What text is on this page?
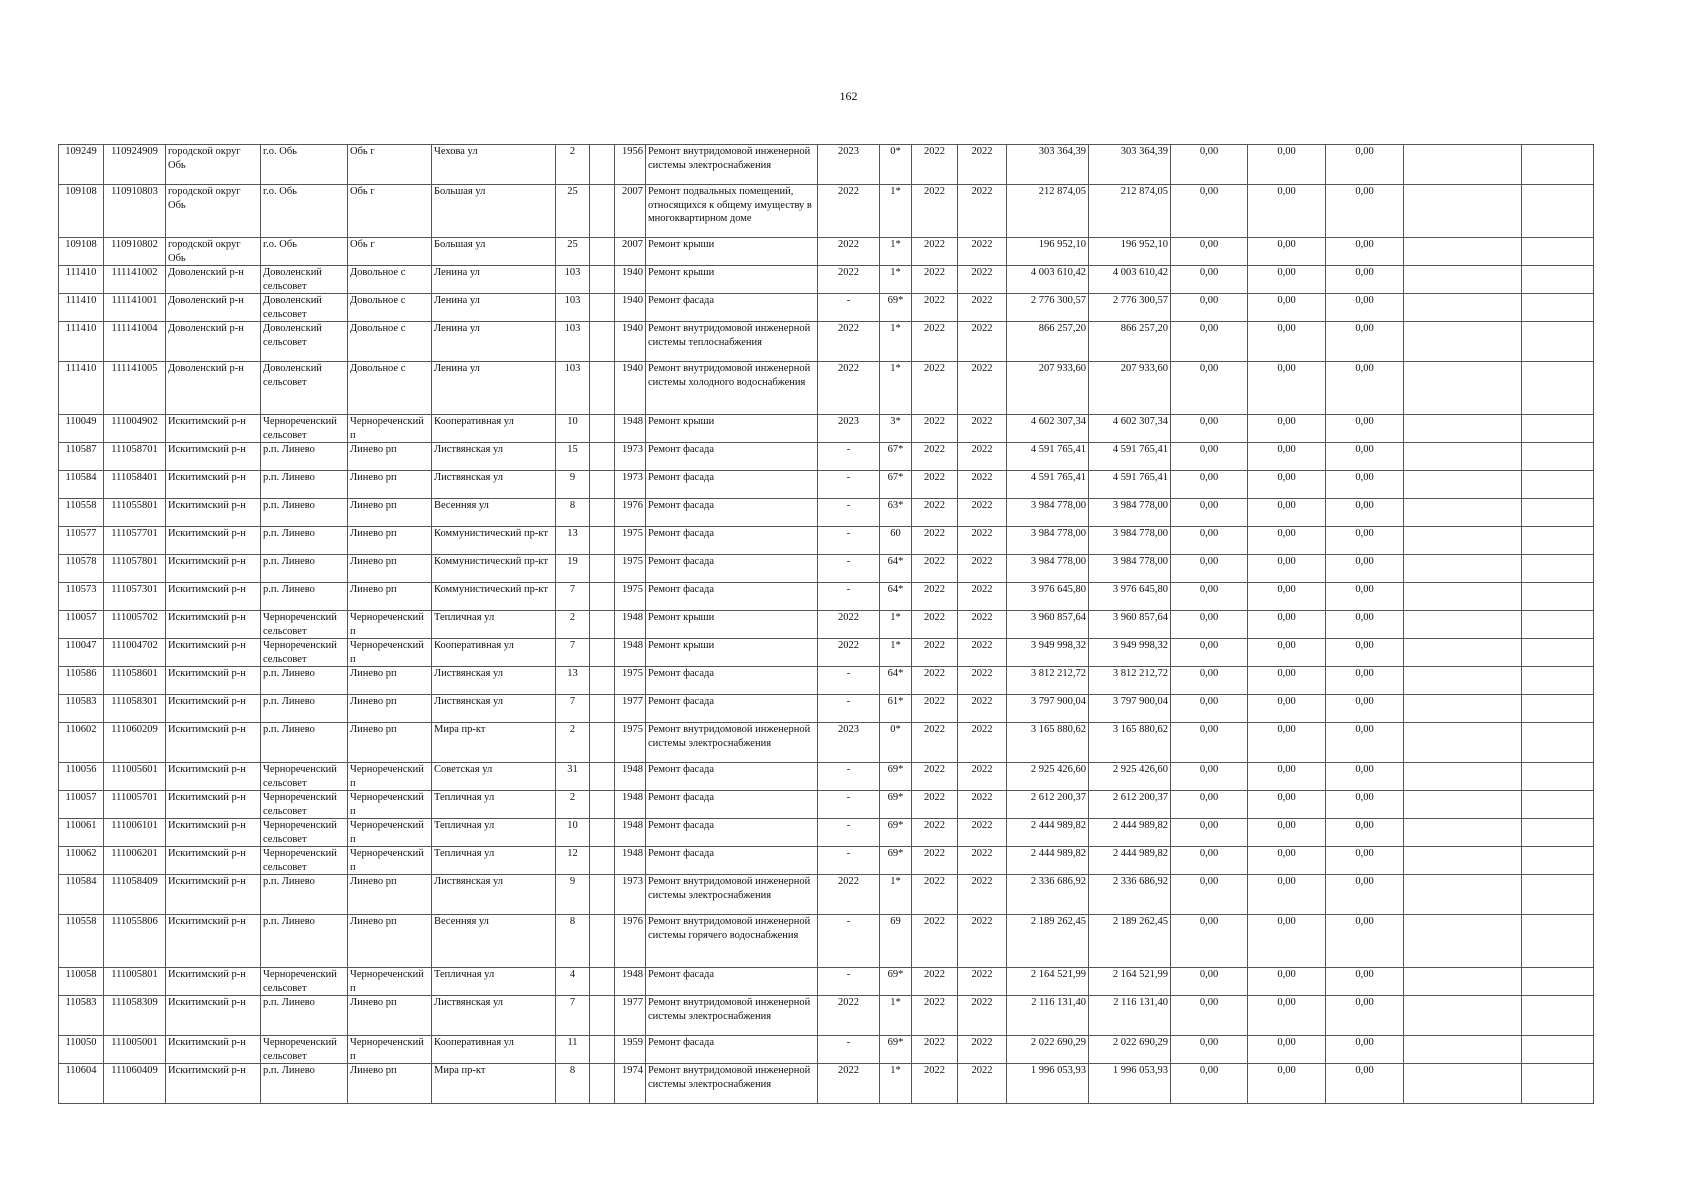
162
109249	110924909	городской округ Обь	г.о. Обь	Обь г	Чехова ул	2		1956	Ремонт внутридомовой инженерной системы электроснабжения	2023	0*	2022	2022	303 364,39	303 364,39	0,00	0,00	0,00		
109108	110910803	городской округ Обь	г.о. Обь	Обь г	Большая ул	25		2007	Ремонт подвальных помещений, относящихся к общему имуществу в многоквартирном доме	2022	1*	2022	2022	212 874,05	212 874,05	0,00	0,00	0,00		
109108	110910802	городской округ Обь	г.о. Обь	Обь г	Большая ул	25		2007	Ремонт крыши	2022	1*	2022	2022	196 952,10	196 952,10	0,00	0,00	0,00		
111410	111141002	Доволенский р-н	Доволенский сельсовет	Довольное с	Ленина ул	103		1940	Ремонт крыши	2022	1*	2022	2022	4 003 610,42	4 003 610,42	0,00	0,00	0,00		
111410	111141001	Доволенский р-н	Доволенский сельсовет	Довольное с	Ленина ул	103		1940	Ремонт фасада	-	69*	2022	2022	2 776 300,57	2 776 300,57	0,00	0,00	0,00		
111410	111141004	Доволенский р-н	Доволенский сельсовет	Довольное с	Ленина ул	103		1940	Ремонт внутридомовой инженерной системы теплоснабжения	2022	1*	2022	2022	866 257,20	866 257,20	0,00	0,00	0,00		
111410	111141005	Доволенский р-н	Доволенский сельсовет	Довольное с	Ленина ул	103		1940	Ремонт внутридомовой инженерной системы холодного водоснабжения	2022	1*	2022	2022	207 933,60	207 933,60	0,00	0,00	0,00		
110049	111004902	Искитимский р-н	Чернореченский сельсовет	Чернореченский п	Кооперативная ул	10		1948	Ремонт крыши	2023	3*	2022	2022	4 602 307,34	4 602 307,34	0,00	0,00	0,00		
110587	111058701	Искитимский р-н	р.п. Линево	Линево рп	Листвянская ул	15		1973	Ремонт фасада	-	67*	2022	2022	4 591 765,41	4 591 765,41	0,00	0,00	0,00		
110584	111058401	Искитимский р-н	р.п. Линево	Линево рп	Листвянская ул	9		1973	Ремонт фасада	-	67*	2022	2022	4 591 765,41	4 591 765,41	0,00	0,00	0,00		
110558	111055801	Искитимский р-н	р.п. Линево	Линево рп	Весенняя ул	8		1976	Ремонт фасада	-	63*	2022	2022	3 984 778,00	3 984 778,00	0,00	0,00	0,00		
110577	111057701	Искитимский р-н	р.п. Линево	Линево рп	Коммунистический пр-кт	13		1975	Ремонт фасада	-	60	2022	2022	3 984 778,00	3 984 778,00	0,00	0,00	0,00		
110578	111057801	Искитимский р-н	р.п. Линево	Линево рп	Коммунистический пр-кт	19		1975	Ремонт фасада	-	64*	2022	2022	3 984 778,00	3 984 778,00	0,00	0,00	0,00		
110573	111057301	Искитимский р-н	р.п. Линево	Линево рп	Коммунистический пр-кт	7		1975	Ремонт фасада	-	64*	2022	2022	3 976 645,80	3 976 645,80	0,00	0,00	0,00		
110057	111005702	Искитимский р-н	Чернореченский сельсовет	Чернореченский п	Тепличная ул	2		1948	Ремонт крыши	2022	1*	2022	2022	3 960 857,64	3 960 857,64	0,00	0,00	0,00		
110047	111004702	Искитимский р-н	Чернореченский сельсовет	Чернореченский п	Кооперативная ул	7		1948	Ремонт крыши	2022	1*	2022	2022	3 949 998,32	3 949 998,32	0,00	0,00	0,00		
110586	111058601	Искитимский р-н	р.п. Линево	Линево рп	Листвянская ул	13		1975	Ремонт фасада	-	64*	2022	2022	3 812 212,72	3 812 212,72	0,00	0,00	0,00		
110583	111058301	Искитимский р-н	р.п. Линево	Линево рп	Листвянская ул	7		1977	Ремонт фасада	-	61*	2022	2022	3 797 900,04	3 797 900,04	0,00	0,00	0,00		
110602	111060209	Искитимский р-н	р.п. Линево	Линево рп	Мира пр-кт	2		1975	Ремонт внутридомовой инженерной системы электроснабжения	2023	0*	2022	2022	3 165 880,62	3 165 880,62	0,00	0,00	0,00		
110056	111005601	Искитимский р-н	Чернореченский сельсовет	Чернореченский п	Советская ул	31		1948	Ремонт фасада	-	69*	2022	2022	2 925 426,60	2 925 426,60	0,00	0,00	0,00		
110057	111005701	Искитимский р-н	Чернореченский сельсовет	Чернореченский п	Тепличная ул	2		1948	Ремонт фасада	-	69*	2022	2022	2 612 200,37	2 612 200,37	0,00	0,00	0,00		
110061	111006101	Искитимский р-н	Чернореченский сельсовет	Чернореченский п	Тепличная ул	10		1948	Ремонт фасада	-	69*	2022	2022	2 444 989,82	2 444 989,82	0,00	0,00	0,00		
110062	111006201	Искитимский р-н	Чернореченский сельсовет	Чернореченский п	Тепличная ул	12		1948	Ремонт фасада	-	69*	2022	2022	2 444 989,82	2 444 989,82	0,00	0,00	0,00		
110584	111058409	Искитимский р-н	р.п. Линево	Линево рп	Листвянская ул	9		1973	Ремонт внутридомовой инженерной системы электроснабжения	2022	1*	2022	2022	2 336 686,92	2 336 686,92	0,00	0,00	0,00		
110558	111055806	Искитимский р-н	р.п. Линево	Линево рп	Весенняя ул	8		1976	Ремонт внутридомовой инженерной системы горячего водоснабжения	-	69	2022	2022	2 189 262,45	2 189 262,45	0,00	0,00	0,00		
110058	111005801	Искитимский р-н	Чернореченский сельсовет	Чернореченский п	Тепличная ул	4		1948	Ремонт фасада	-	69*	2022	2022	2 164 521,99	2 164 521,99	0,00	0,00	0,00		
110583	111058309	Искитимский р-н	р.п. Линево	Линево рп	Листвянская ул	7		1977	Ремонт внутридомовой инженерной системы электроснабжения	2022	1*	2022	2022	2 116 131,40	2 116 131,40	0,00	0,00	0,00		
110050	111005001	Искитимский р-н	Чернореченский сельсовет	Чернореченский п	Кооперативная ул	11		1959	Ремонт фасада	-	69*	2022	2022	2 022 690,29	2 022 690,29	0,00	0,00	0,00		
110604	111060409	Искитимский р-н	р.п. Линево	Линево рп	Мира пр-кт	8		1974	Ремонт внутридомовой инженерной системы электроснабжения	2022	1*	2022	2022	1 996 053,93	1 996 053,93	0,00	0,00	0,00		
